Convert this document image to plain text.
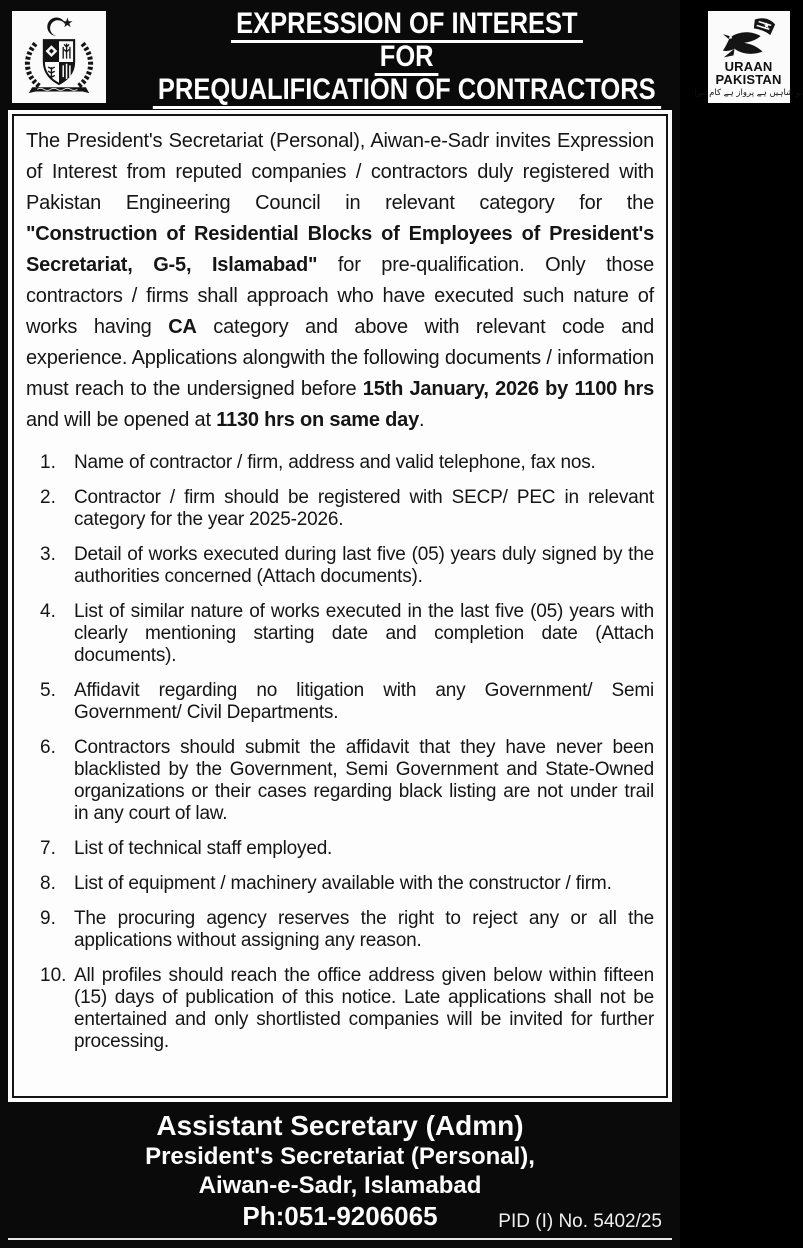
EXPRESSION OF INTEREST
FOR
PREQUALIFICATION OF CONTRACTORS
URAAN
PAKISTAN
تو شاہیں ہے پرواز ہے کام تیرا

The President's Secretariat (Personal), Aiwan-e-Sadr invites Expression of Interest from reputed companies / contractors duly registered with Pakistan Engineering Council in relevant category for the "Construction of Residential Blocks of Employees of President's Secretariat, G-5, Islamabad" for pre-qualification. Only those contractors / firms shall approach who have executed such nature of works having CA category and above with relevant code and experience. Applications alongwith the following documents / information must reach to the undersigned before 15th January, 2026 by 1100 hrs and will be opened at 1130 hrs on same day.

1. Name of contractor / firm, address and valid telephone, fax nos.
2. Contractor / firm should be registered with SECP/ PEC in relevant category for the year 2025-2026.
3. Detail of works executed during last five (05) years duly signed by the authorities concerned (Attach documents).
4. List of similar nature of works executed in the last five (05) years with clearly mentioning starting date and completion date (Attach documents).
5. Affidavit regarding no litigation with any Government/ Semi Government/ Civil Departments.
6. Contractors should submit the affidavit that they have never been blacklisted by the Government, Semi Government and State-Owned organizations or their cases regarding black listing are not under trail in any court of law.
7. List of technical staff employed.
8. List of equipment / machinery available with the constructor / firm.
9. The procuring agency reserves the right to reject any or all the applications without assigning any reason.
10. All profiles should reach the office address given below within fifteen (15) days of publication of this notice. Late applications shall not be entertained and only shortlisted companies will be invited for further processing.
Assistant Secretary (Admn)
President's Secretariat (Personal),
Aiwan-e-Sadr, Islamabad
Ph:051-9206065	PID (I) No. 5402/25
